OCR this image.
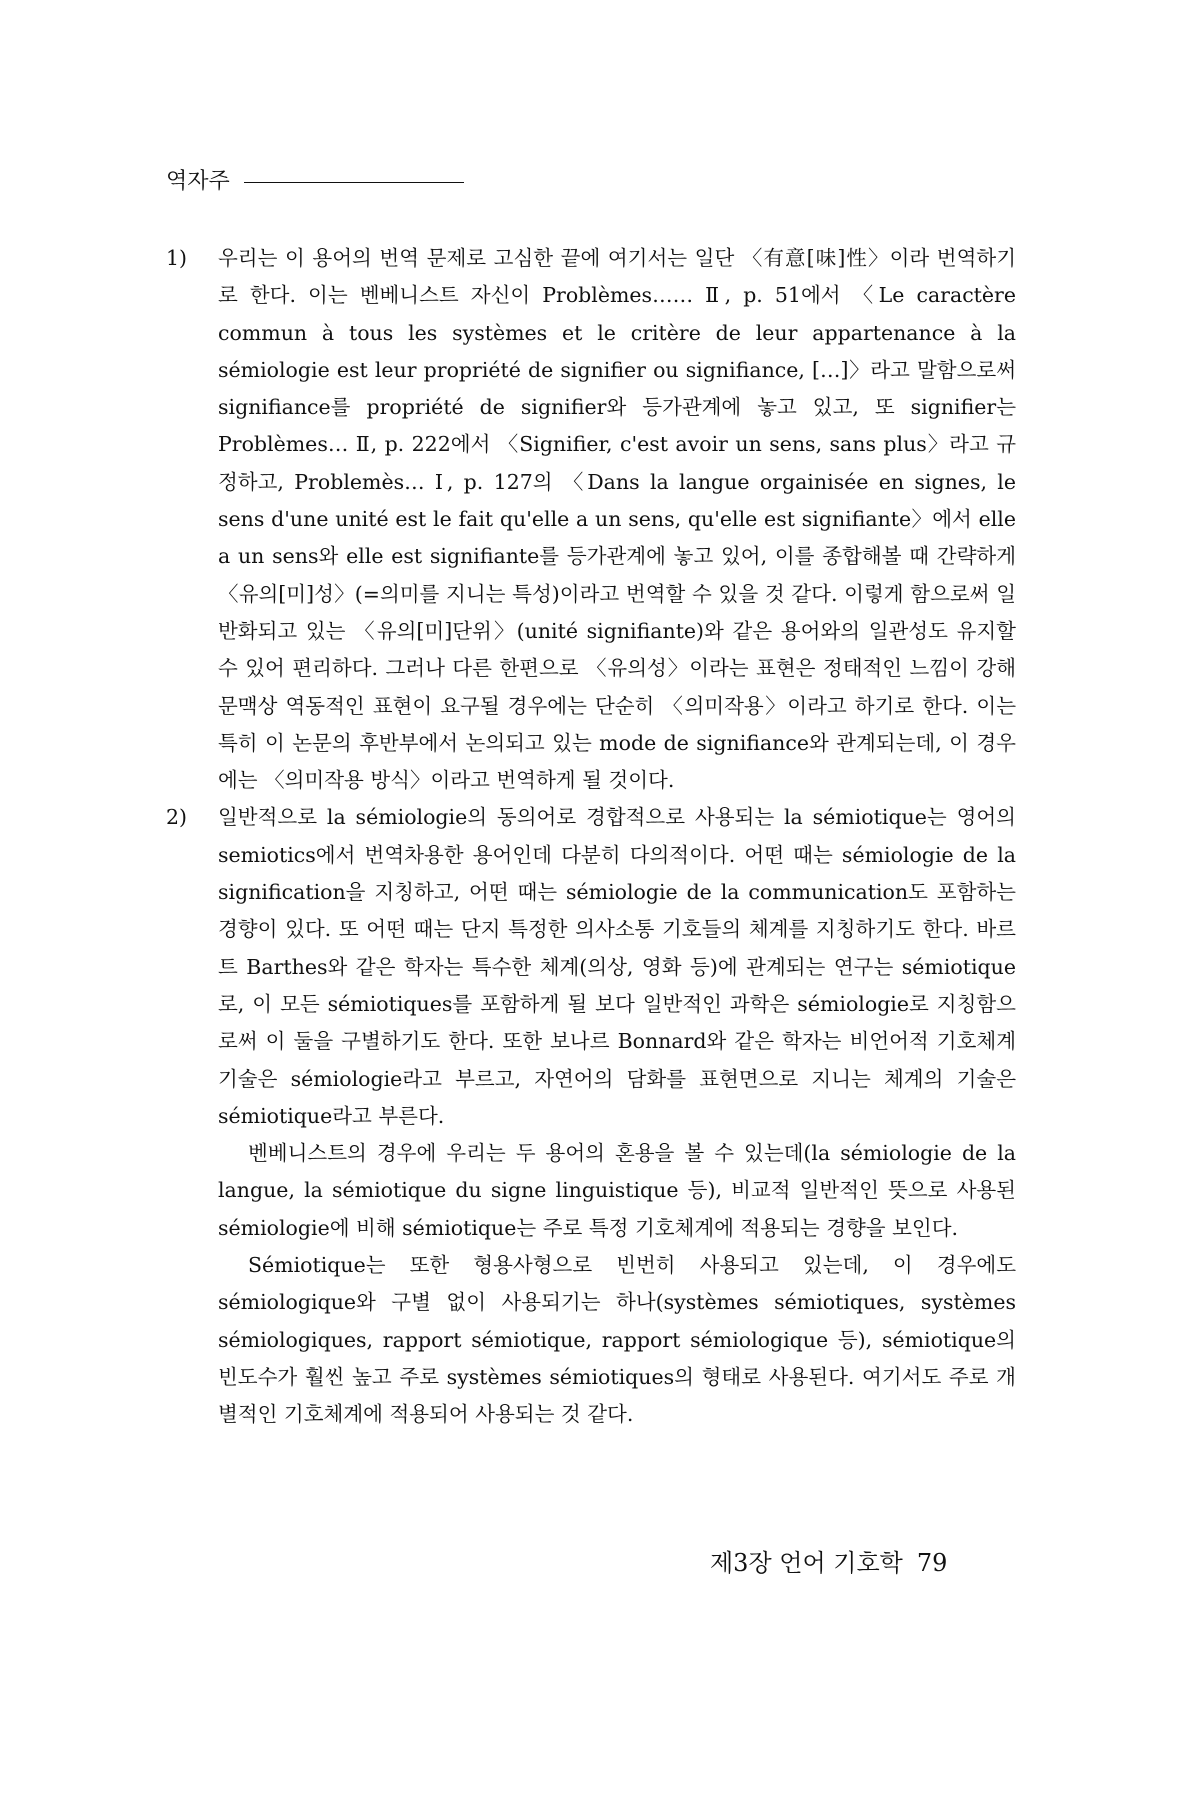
역자주
1)	우리는 이 용어의 번역 문제로 고심한 끝에 여기서는 일단 〈有意[味]性〉이라 번역하기로 한다. 이는 벤베니스트 자신이 Problèmes…… Ⅱ, p. 51에서 〈Le caractère commun à tous les systèmes et le critère de leur appartenance à la sémiologie est leur propriété de signifier ou signifiance, […]〉라고 말함으로써 signifiance를 propriété de signifier와 등가관계에 놓고 있고, 또 signifier는 Problèmes… Ⅱ, p. 222에서 〈Signifier, c'est avoir un sens, sans plus〉라고 규정하고, Problemès… Ⅰ, p. 127의 〈Dans la langue orgainisée en signes, le sens d'une unité est le fait qu'elle a un sens, qu'elle est signifiante〉에서 elle a un sens와 elle est signifiante를 등가관계에 놓고 있어, 이를 종합해볼 때 간략하게 〈유의[미]성〉(=의미를 지니는 특성)이라고 번역할 수 있을 것 같다. 이렇게 함으로써 일반화되고 있는 〈유의[미]단위〉(unité signifiante)와 같은 용어와의 일관성도 유지할 수 있어 편리하다. 그러나 다른 한편으로 〈유의성〉이라는 표현은 정태적인 느낌이 강해 문맥상 역동적인 표현이 요구될 경우에는 단순히 〈의미작용〉이라고 하기로 한다. 이는 특히 이 논문의 후반부에서 논의되고 있는 mode de signifiance와 관계되는데, 이 경우에는 〈의미작용 방식〉이라고 번역하게 될 것이다.

2)	일반적으로 la sémiologie의 동의어로 경합적으로 사용되는 la sémiotique는 영어의 semiotics에서 번역차용한 용어인데 다분히 다의적이다. 어떤 때는 sémiologie de la signification을 지칭하고, 어떤 때는 sémiologie de la communication도 포함하는 경향이 있다. 또 어떤 때는 단지 특정한 의사소통 기호들의 체계를 지칭하기도 한다. 바르트 Barthes와 같은 학자는 특수한 체계(의상, 영화 등)에 관계되는 연구는 sémiotique로, 이 모든 sémiotiques를 포함하게 될 보다 일반적인 과학은 sémiologie로 지칭함으로써 이 둘을 구별하기도 한다. 또한 보나르 Bonnard와 같은 학자는 비언어적 기호체계 기술은 sémiologie라고 부르고, 자연어의 담화를 표현면으로 지니는 체계의 기술은 sémiotique라고 부른다.

벤베니스트의 경우에 우리는 두 용어의 혼용을 볼 수 있는데(la sémiologie de la langue, la sémiotique du signe linguistique 등), 비교적 일반적인 뜻으로 사용된 sémiologie에 비해 sémiotique는 주로 특정 기호체계에 적용되는 경향을 보인다.

Sémiotique는 또한 형용사형으로 빈번히 사용되고 있는데, 이 경우에도 sémiologique와 구별 없이 사용되기는 하나(systèmes sémiotiques, systèmes sémiologiques, rapport sémiotique, rapport sémiologique 등), sémiotique의 빈도수가 훨씬 높고 주로 systèmes sémiotiques의 형태로 사용된다. 여기서도 주로 개별적인 기호체계에 적용되어 사용되는 것 같다.

제3장 언어 기호학 79
